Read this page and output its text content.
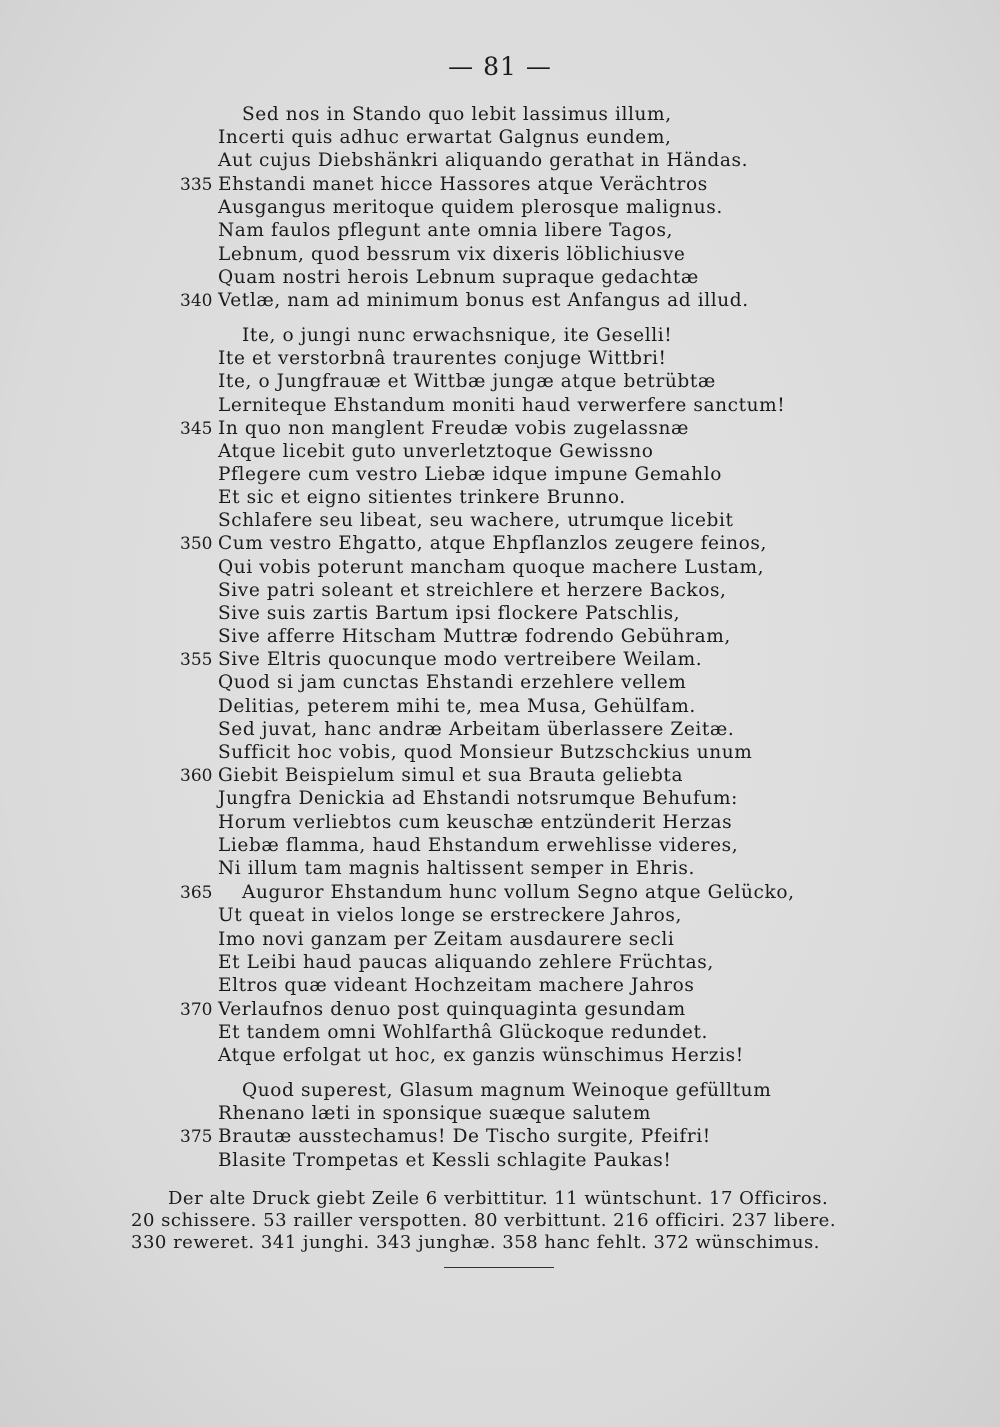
— 81 —
Sed nos in Stando quo lebit lassimus illum,
Incerti quis adhuc erwartat Galgnus eundem,
Aut cujus Diebshänkri aliquando gerathat in Händas.
335 Ehstandi manet hicce Hassores atque Verächtros
Ausgangus meritoque quidem plerosque malignus.
Nam faulos pflegunt ante omnia libere Tagos,
Lebnum, quod bessrum vix dixeris löblichiusve
Quam nostri herois Lebnum supraque gedachtæ
340 Vetlæ, nam ad minimum bonus est Anfangus ad illud.
Ite, o jungi nunc erwachsnique, ite Geselli!
Ite et verstorbnâ traurentes conjuge Wittbri!
Ite, o Jungfrauæ et Wittbæ jungæ atque betrübtæ
Lerniteque Ehstandum moniti haud verwerfere sanctum!
345 In quo non manglent Freudæ vobis zugelassnæ
Atque licebit guto unverletztoque Gewissno
Pflegere cum vestro Liebæ idque impune Gemahlo
Et sic et eigno sitientes trinkere Brunno.
Schlafere seu libeat, seu wachere, utrumque licebit
350 Cum vestro Ehgatto, atque Ehpflanzlos zeugere feinos,
Qui vobis poterunt mancham quoque machere Lustam,
Sive patri soleant et streichlere et herzere Backos,
Sive suis zartis Bartum ipsi flockere Patschlis,
Sive afferre Hitscham Muttræ fodrendo Gebühram,
355 Sive Eltris quocunque modo vertreibere Weilam.
Quod si jam cunctas Ehstandi erzehlere vellem
Delitias, peterem mihi te, mea Musa, Gehülfam.
Sed juvat, hanc andræ Arbeitam überlassere Zeitæ.
Sufficit hoc vobis, quod Monsieur Butzschckius unum
360 Giebit Beispielum simul et sua Brauta geliebta
Jungfra Denickia ad Ehstandi notsrumque Behufum:
Horum verliebtos cum keuschæ entzünderit Herzas
Liebæ flamma, haud Ehstandum erwehlisse videres,
Ni illum tam magnis haltissent semper in Ehris.
365 Auguror Ehstandum hunc vollum Segno atque Gelücko,
Ut queat in vielos longe se erstreckere Jahros,
Imo novi ganzam per Zeitam ausdaurere secli
Et Leibi haud paucas aliquando zehlere Früchtas,
Eltros quæ videant Hochzeitam machere Jahros
370 Verlaufnos denuo post quinquaginta gesundam
Et tandem omni Wohlfarthâ Glückoque redundet.
Atque erfolgat ut hoc, ex ganzis wünschimus Herzis!
Quod superest, Glasum magnum Weinoque gefülltum
Rhenano læti in sponsique suæque salutem
375 Brautæ ausstechamus! De Tischo surgite, Pfeifri!
Blasite Trompetas et Kessli schlagite Paukas!
Der alte Druck giebt Zeile 6 verbittitur. 11 wüntschunt. 17 Officiros.
20 schissere. 53 railler verspotten. 80 verbittunt. 216 officiri. 237 libere.
330 reweret. 341 junghi. 343 junghæ. 358 hanc fehlt. 372 wünschimus.
